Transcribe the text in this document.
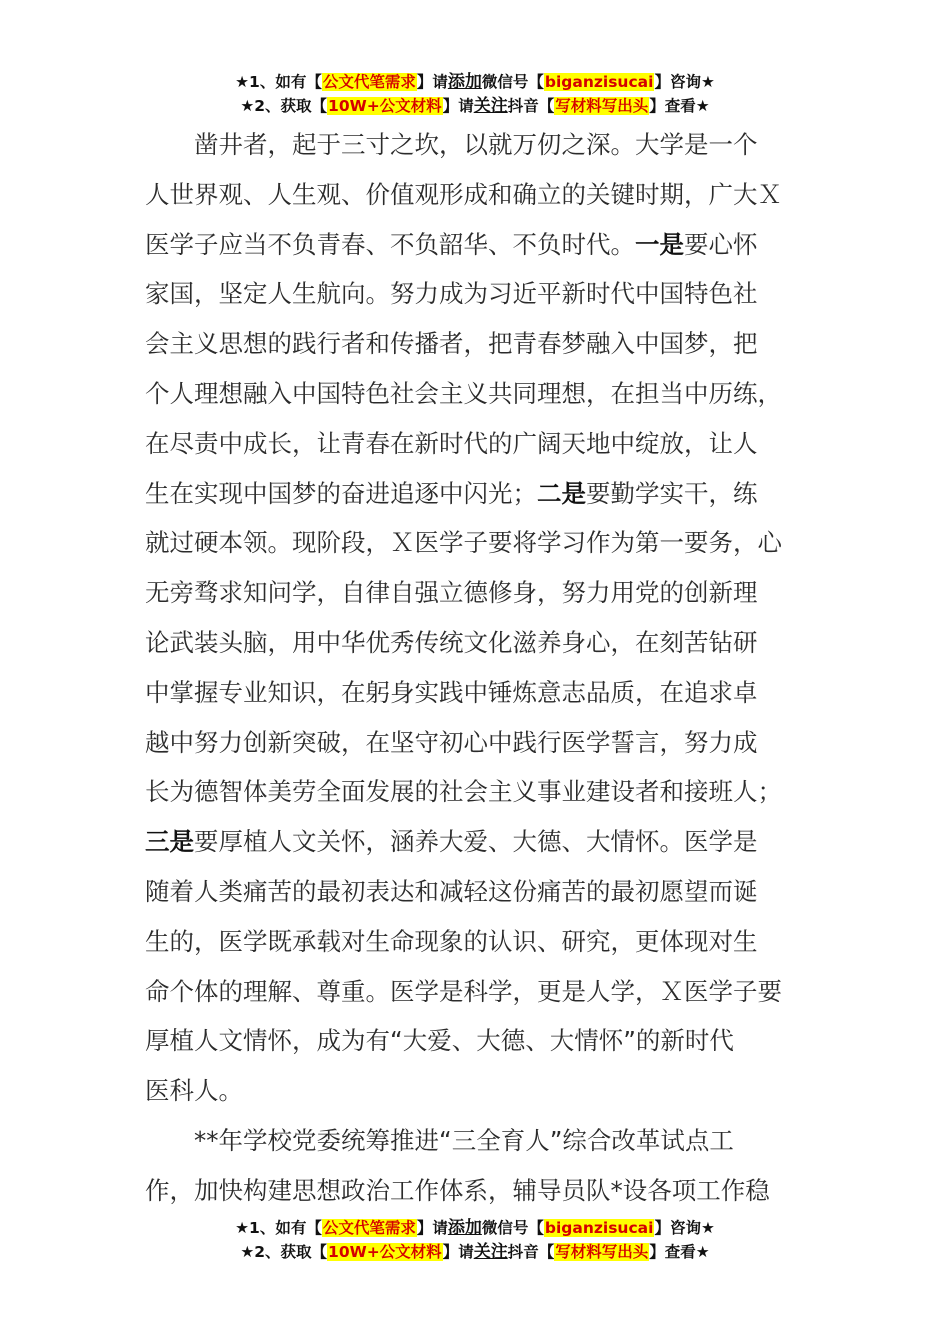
★1、如有【公文代笔需求】请添加微信号【biganzisucai】咨询★
★2、获取【10W+公文材料】请关注抖音【写材料写出头】查看★
　　凿井者，起于三寸之坎，以就万仞之深。大学是一个
人世界观、人生观、价值观形成和确立的关键时期，广大Ｘ
医学子应当不负青春、不负韶华、不负时代。一是要心怀
家国，坚定人生航向。努力成为习近平新时代中国特色社
会主义思想的践行者和传播者，把青春梦融入中国梦，把
个人理想融入中国特色社会主义共同理想，在担当中历练，
在尽责中成长，让青春在新时代的广阔天地中绽放，让人
生在实现中国梦的奋进追逐中闪光；二是要勤学实干，练
就过硬本领。现阶段，Ｘ医学子要将学习作为第一要务，心
无旁骛求知问学，自律自强立德修身，努力用党的创新理
论武装头脑，用中华优秀传统文化滋养身心，在刻苦钻研
中掌握专业知识，在躬身实践中锤炼意志品质，在追求卓
越中努力创新突破，在坚守初心中践行医学誓言，努力成
长为德智体美劳全面发展的社会主义事业建设者和接班人；
三是要厚植人文关怀，涵养大爱、大德、大情怀。医学是
随着人类痛苦的最初表达和减轻这份痛苦的最初愿望而诞
生的，医学既承载对生命现象的认识、研究，更体现对生
命个体的理解、尊重。医学是科学，更是人学，Ｘ医学子要
厚植人文情怀，成为有“大爱、大德、大情怀”的新时代
医科人。
　　**年学校党委统筹推进“三全育人”综合改革试点工
作，加快构建思想政治工作体系，辅导员队*设各项工作稳
★1、如有【公文代笔需求】请添加微信号【biganzisucai】咨询★
★2、获取【10W+公文材料】请关注抖音【写材料写出头】查看★
